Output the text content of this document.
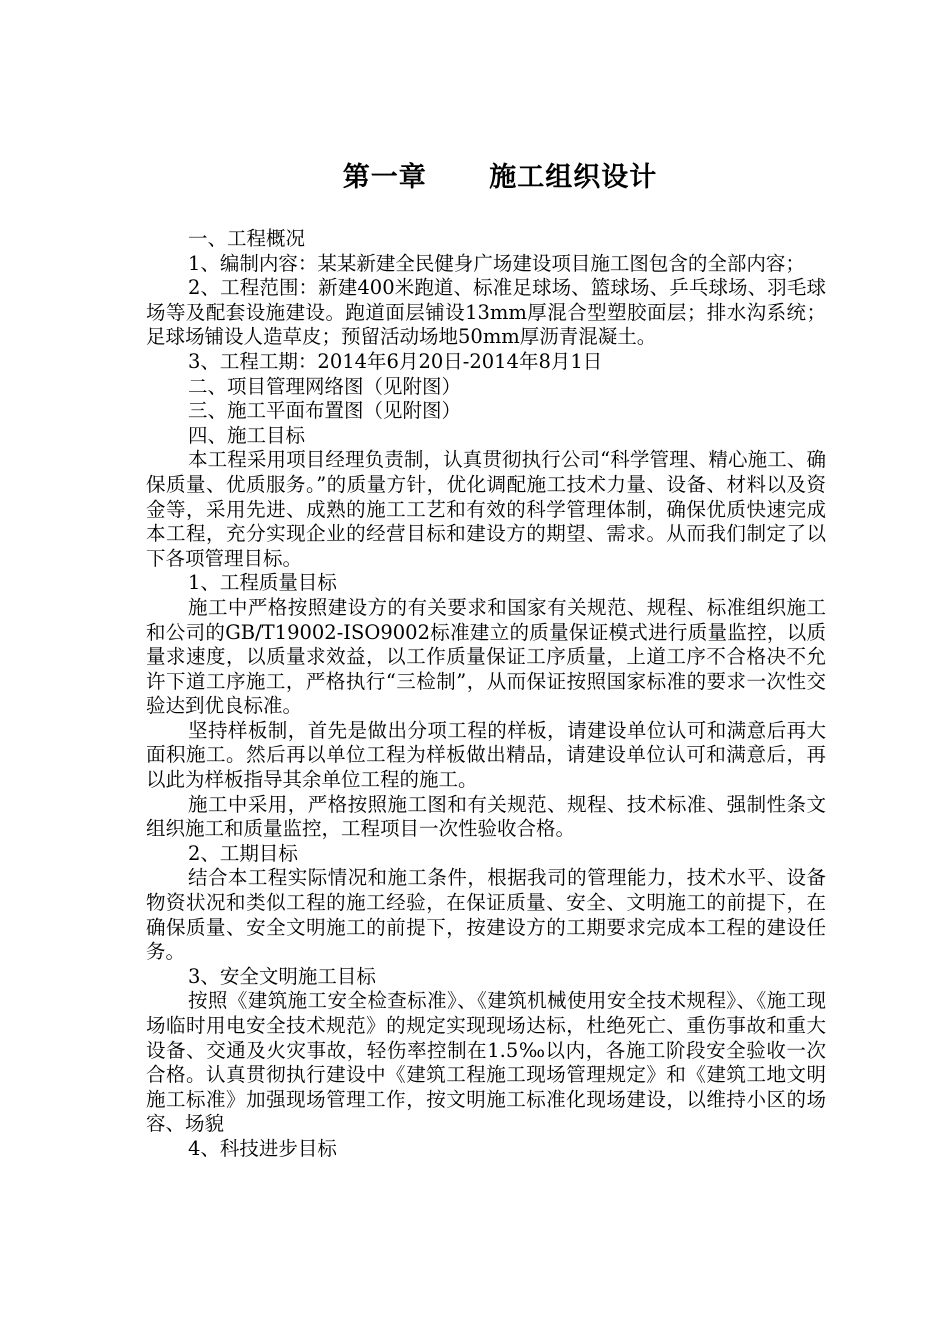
第一章      施工组织设计

一、工程概况

1、编制内容：某某新建全民健身广场建设项目施工图包含的全部内容；

2、工程范围：新建400米跑道、标准足球场、篮球场、乒乓球场、羽毛球场等及配套设施建设。跑道面层铺设13mm厚混合型塑胶面层；排水沟系统；足球场铺设人造草皮；预留活动场地50mm厚沥青混凝土。

3、工程工期：2014年6月20日-2014年8月1日

二、项目管理网络图（见附图）

三、施工平面布置图（见附图）

四、施工目标

本工程采用项目经理负责制，认真贯彻执行公司“科学管理、精心施工、确保质量、优质服务。”的质量方针，优化调配施工技术力量、设备、材料以及资金等，采用先进、成熟的施工工艺和有效的科学管理体制，确保优质快速完成本工程，充分实现企业的经营目标和建设方的期望、需求。从而我们制定了以下各项管理目标。

1、工程质量目标

施工中严格按照建设方的有关要求和国家有关规范、规程、标准组织施工和公司的GB/T19002-ISO9002标准建立的质量保证模式进行质量监控，以质量求速度，以质量求效益，以工作质量保证工序质量，上道工序不合格决不允许下道工序施工，严格执行“三检制”，从而保证按照国家标准的要求一次性交验达到优良标准。

坚持样板制，首先是做出分项工程的样板，请建设单位认可和满意后再大面积施工。然后再以单位工程为样板做出精品，请建设单位认可和满意后，再以此为样板指导其余单位工程的施工。

施工中采用，严格按照施工图和有关规范、规程、技术标准、强制性条文组织施工和质量监控，工程项目一次性验收合格。

2、工期目标

结合本工程实际情况和施工条件，根据我司的管理能力，技术水平、设备物资状况和类似工程的施工经验，在保证质量、安全、文明施工的前提下，在确保质量、安全文明施工的前提下，按建设方的工期要求完成本工程的建设任务。

3、安全文明施工目标

按照《建筑施工安全检查标准》、《建筑机械使用安全技术规程》、《施工现场临时用电安全技术规范》的规定实现现场达标，杜绝死亡、重伤事故和重大设备、交通及火灾事故，轻伤率控制在1.5‰以内，各施工阶段安全验收一次合格。认真贯彻执行建设中《建筑工程施工现场管理规定》和《建筑工地文明施工标准》加强现场管理工作，按文明施工标准化现场建设，以维持小区的场容、场貌

4、科技进步目标
